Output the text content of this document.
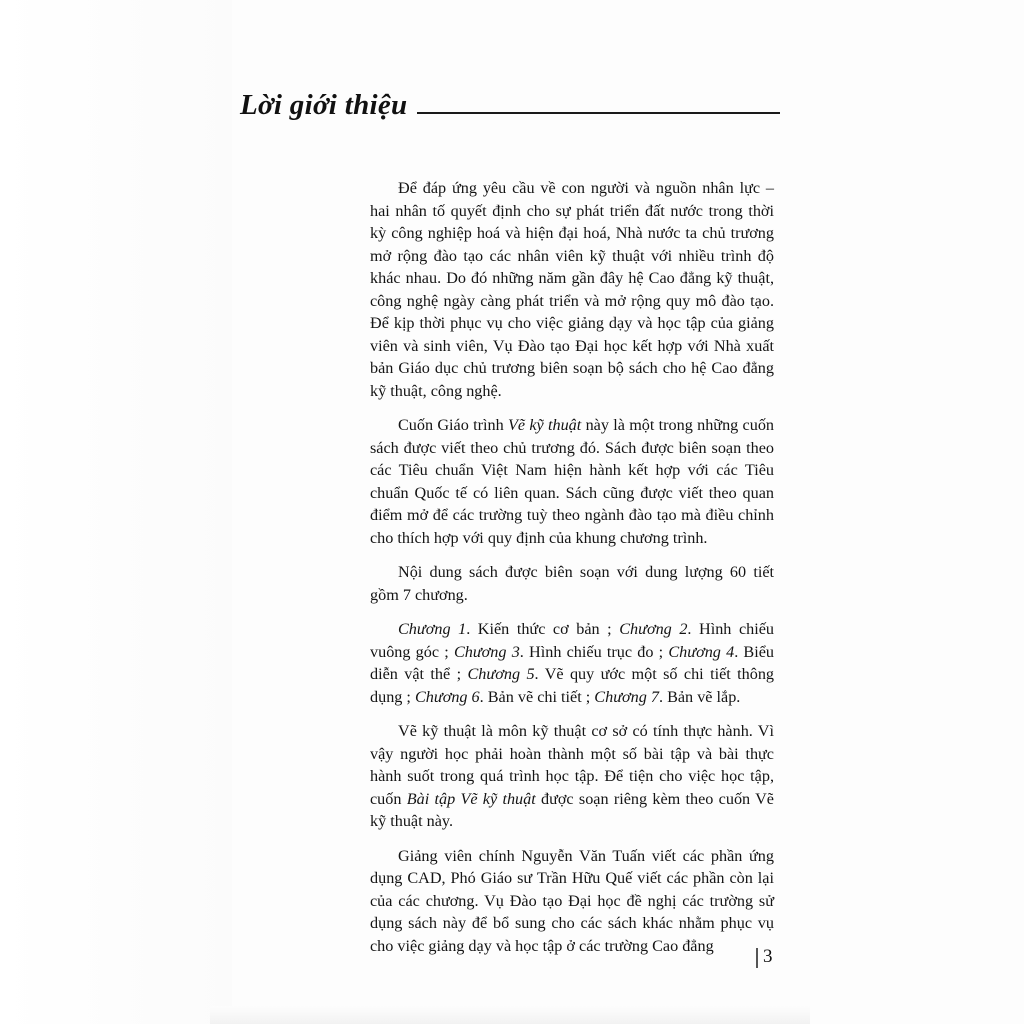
Lời giới thiệu

Để đáp ứng yêu cầu về con người và nguồn nhân lực – hai nhân tố quyết định cho sự phát triển đất nước trong thời kỳ công nghiệp hoá và hiện đại hoá, Nhà nước ta chủ trương mở rộng đào tạo các nhân viên kỹ thuật với nhiều trình độ khác nhau. Do đó những năm gần đây hệ Cao đẳng kỹ thuật, công nghệ ngày càng phát triển và mở rộng quy mô đào tạo. Để kịp thời phục vụ cho việc giảng dạy và học tập của giảng viên và sinh viên, Vụ Đào tạo Đại học kết hợp với Nhà xuất bản Giáo dục chủ trương biên soạn bộ sách cho hệ Cao đẳng kỹ thuật, công nghệ.

Cuốn Giáo trình Vẽ kỹ thuật này là một trong những cuốn sách được viết theo chủ trương đó. Sách được biên soạn theo các Tiêu chuẩn Việt Nam hiện hành kết hợp với các Tiêu chuẩn Quốc tế có liên quan. Sách cũng được viết theo quan điểm mở để các trường tuỳ theo ngành đào tạo mà điều chỉnh cho thích hợp với quy định của khung chương trình.

Nội dung sách được biên soạn với dung lượng 60 tiết gồm 7 chương.

Chương 1. Kiến thức cơ bản ; Chương 2. Hình chiếu vuông góc ; Chương 3. Hình chiếu trục đo ; Chương 4. Biểu diễn vật thể ; Chương 5. Vẽ quy ước một số chi tiết thông dụng ; Chương 6. Bản vẽ chi tiết ; Chương 7. Bản vẽ lắp.

Vẽ kỹ thuật là môn kỹ thuật cơ sở có tính thực hành. Vì vậy người học phải hoàn thành một số bài tập và bài thực hành suốt trong quá trình học tập. Để tiện cho việc học tập, cuốn Bài tập Vẽ kỹ thuật được soạn riêng kèm theo cuốn Vẽ kỹ thuật này.

Giảng viên chính Nguyễn Văn Tuấn viết các phần ứng dụng CAD, Phó Giáo sư Trần Hữu Quế viết các phần còn lại của các chương. Vụ Đào tạo Đại học đề nghị các trường sử dụng sách này để bổ sung cho các sách khác nhằm phục vụ cho việc giảng dạy và học tập ở các trường Cao đẳng

3
